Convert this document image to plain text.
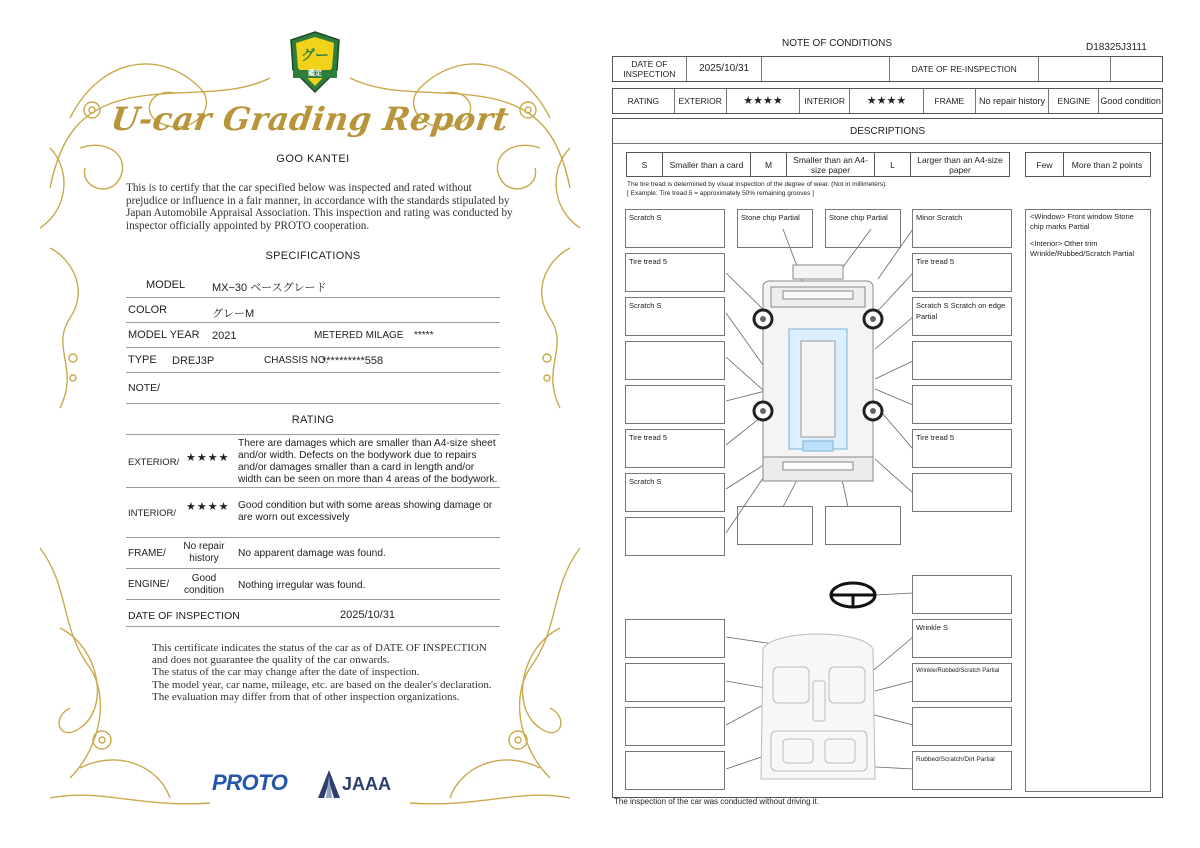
グー
鑑定
U-car Grading Report
GOO KANTEI
This is to certify that the car specified below was inspected and rated without prejudice or influence in a fair manner, in accordance with the standards stipulated by Japan Automobile Appraisal Association. This inspection and rating was conducted by inspector officially appointed by PROTO cooperation.
SPECIFICATIONS
MODEL MX−30 ベースグレード
COLOR	グレーM
MODEL YEAR 2021	METERED MILAGE *****
TYPE DREJ3P	CHASSIS NO.
**********558
NOTE/
RATING
EXTERIOR/ ★★★★
There are damages which are smaller than A4-size sheet and/or width. Defects on the bodywork due to repairs and/or damages smaller than a card in length and/or width can be seen on more than 4 areas of the bodywork.
INTERIOR/
★★★★ Good condition but with some areas showing damage or are worn out excessively
FRAME/
No repair history	No apparent damage was found.
ENGINE/
Good condition	Nothing irregular was found.
DATE OF INSPECTION	2025/10/31
This certificate indicates the status of the car as of DATE OF INSPECTION and does not guarantee the quality of the car onwards.
The status of the car may change after the date of inspection.
The model year, car name, mileage, etc. are based on the dealer's declaration.
The evaluation may differ from that of other inspection organizations.
PROTO	JAAA
NOTE OF CONDITIONS	D18325J3111
DATE OF INSPECTION	2025/10/31	DATE OF RE-INSPECTION
RATING	EXTERIOR	★★★★	INTERIOR	★★★★	FRAME	No repair history	ENGINE	Good condition
DESCRIPTIONS
S	Smaller than a card	M	Smaller than an A4-size paper	L	Larger than an A4-size paper	Few	More than 2 points
The tire tread is determined by visual inspection of the degree of wear. (Not in millimeters).
[ Example: Tire tread 5 = approximately 50% remaining grooves ]
Scratch S
Tire tread 5
Scratch S
Tire tread 5
Scratch S
Stone chip Partial	Stone chip Partial	Minor Scratch
Tire tread 5
Scratch S Scratch on edge Partial
Tire tread 5
Wrinkle S
Wrinkle/Rubbed/Scratch Partial
Rubbed/Scratch/Dirt Partial

<Window> Front window Stone chip marks Partial

<Interior> Other trim Wrinkle/Rubbed/Scratch Partial

The inspection of the car was conducted without driving it.
